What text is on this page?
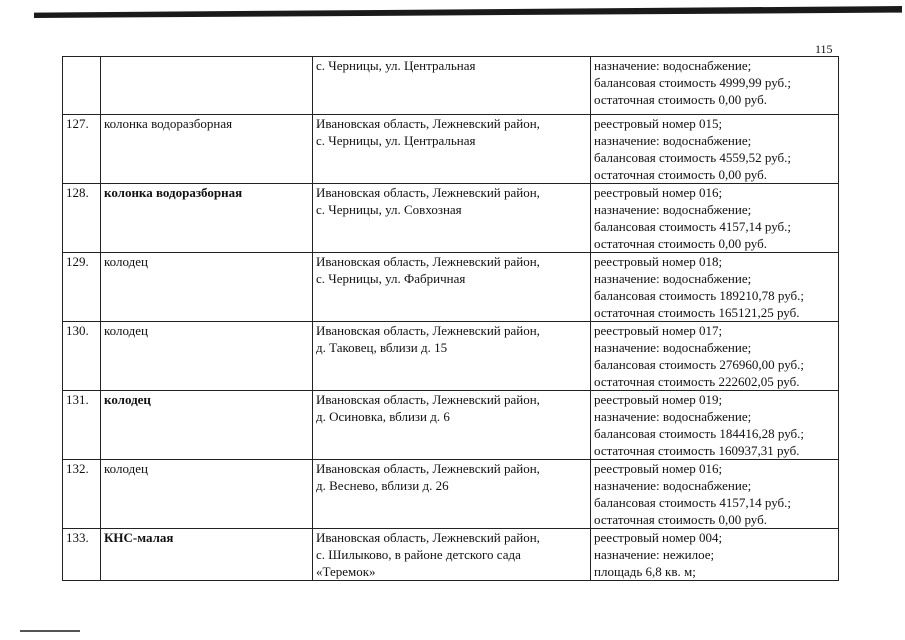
115

		с. Черницы, ул. Центральная	назначение: водоснабжение;
балансовая стоимость 4999,99 руб.;
остаточная стоимость 0,00 руб.

127.	колонка водоразборная	Ивановская область, Лежневский район,
с. Черницы, ул. Центральная	реестровый номер 015;
назначение: водоснабжение;
балансовая стоимость 4559,52 руб.;
остаточная стоимость 0,00 руб.

128.	колонка водоразборная	Ивановская область, Лежневский район,
с. Черницы, ул. Совхозная	реестровый номер 016;
назначение: водоснабжение;
балансовая стоимость 4157,14 руб.;
остаточная стоимость 0,00 руб.

129.	колодец	Ивановская область, Лежневский район,
с. Черницы, ул. Фабричная	реестровый номер 018;
назначение: водоснабжение;
балансовая стоимость 189210,78 руб.;
остаточная стоимость 165121,25 руб.

130.	колодец	Ивановская область, Лежневский район,
д. Таковец, вблизи д. 15	реестровый номер 017;
назначение: водоснабжение;
балансовая стоимость 276960,00 руб.;
остаточная стоимость 222602,05 руб.

131.	колодец	Ивановская область, Лежневский район,
д. Осиновка, вблизи д. 6	реестровый номер 019;
назначение: водоснабжение;
балансовая стоимость 184416,28 руб.;
остаточная стоимость 160937,31 руб.

132.	колодец	Ивановская область, Лежневский район,
д. Веснево, вблизи д. 26	реестровый номер 016;
назначение: водоснабжение;
балансовая стоимость 4157,14 руб.;
остаточная стоимость 0,00 руб.

133.	КНС-малая	Ивановская область, Лежневский район,
с. Шилыково, в районе детского сада
«Теремок»	реестровый номер 004;
назначение: нежилое;
площадь 6,8 кв. м;
